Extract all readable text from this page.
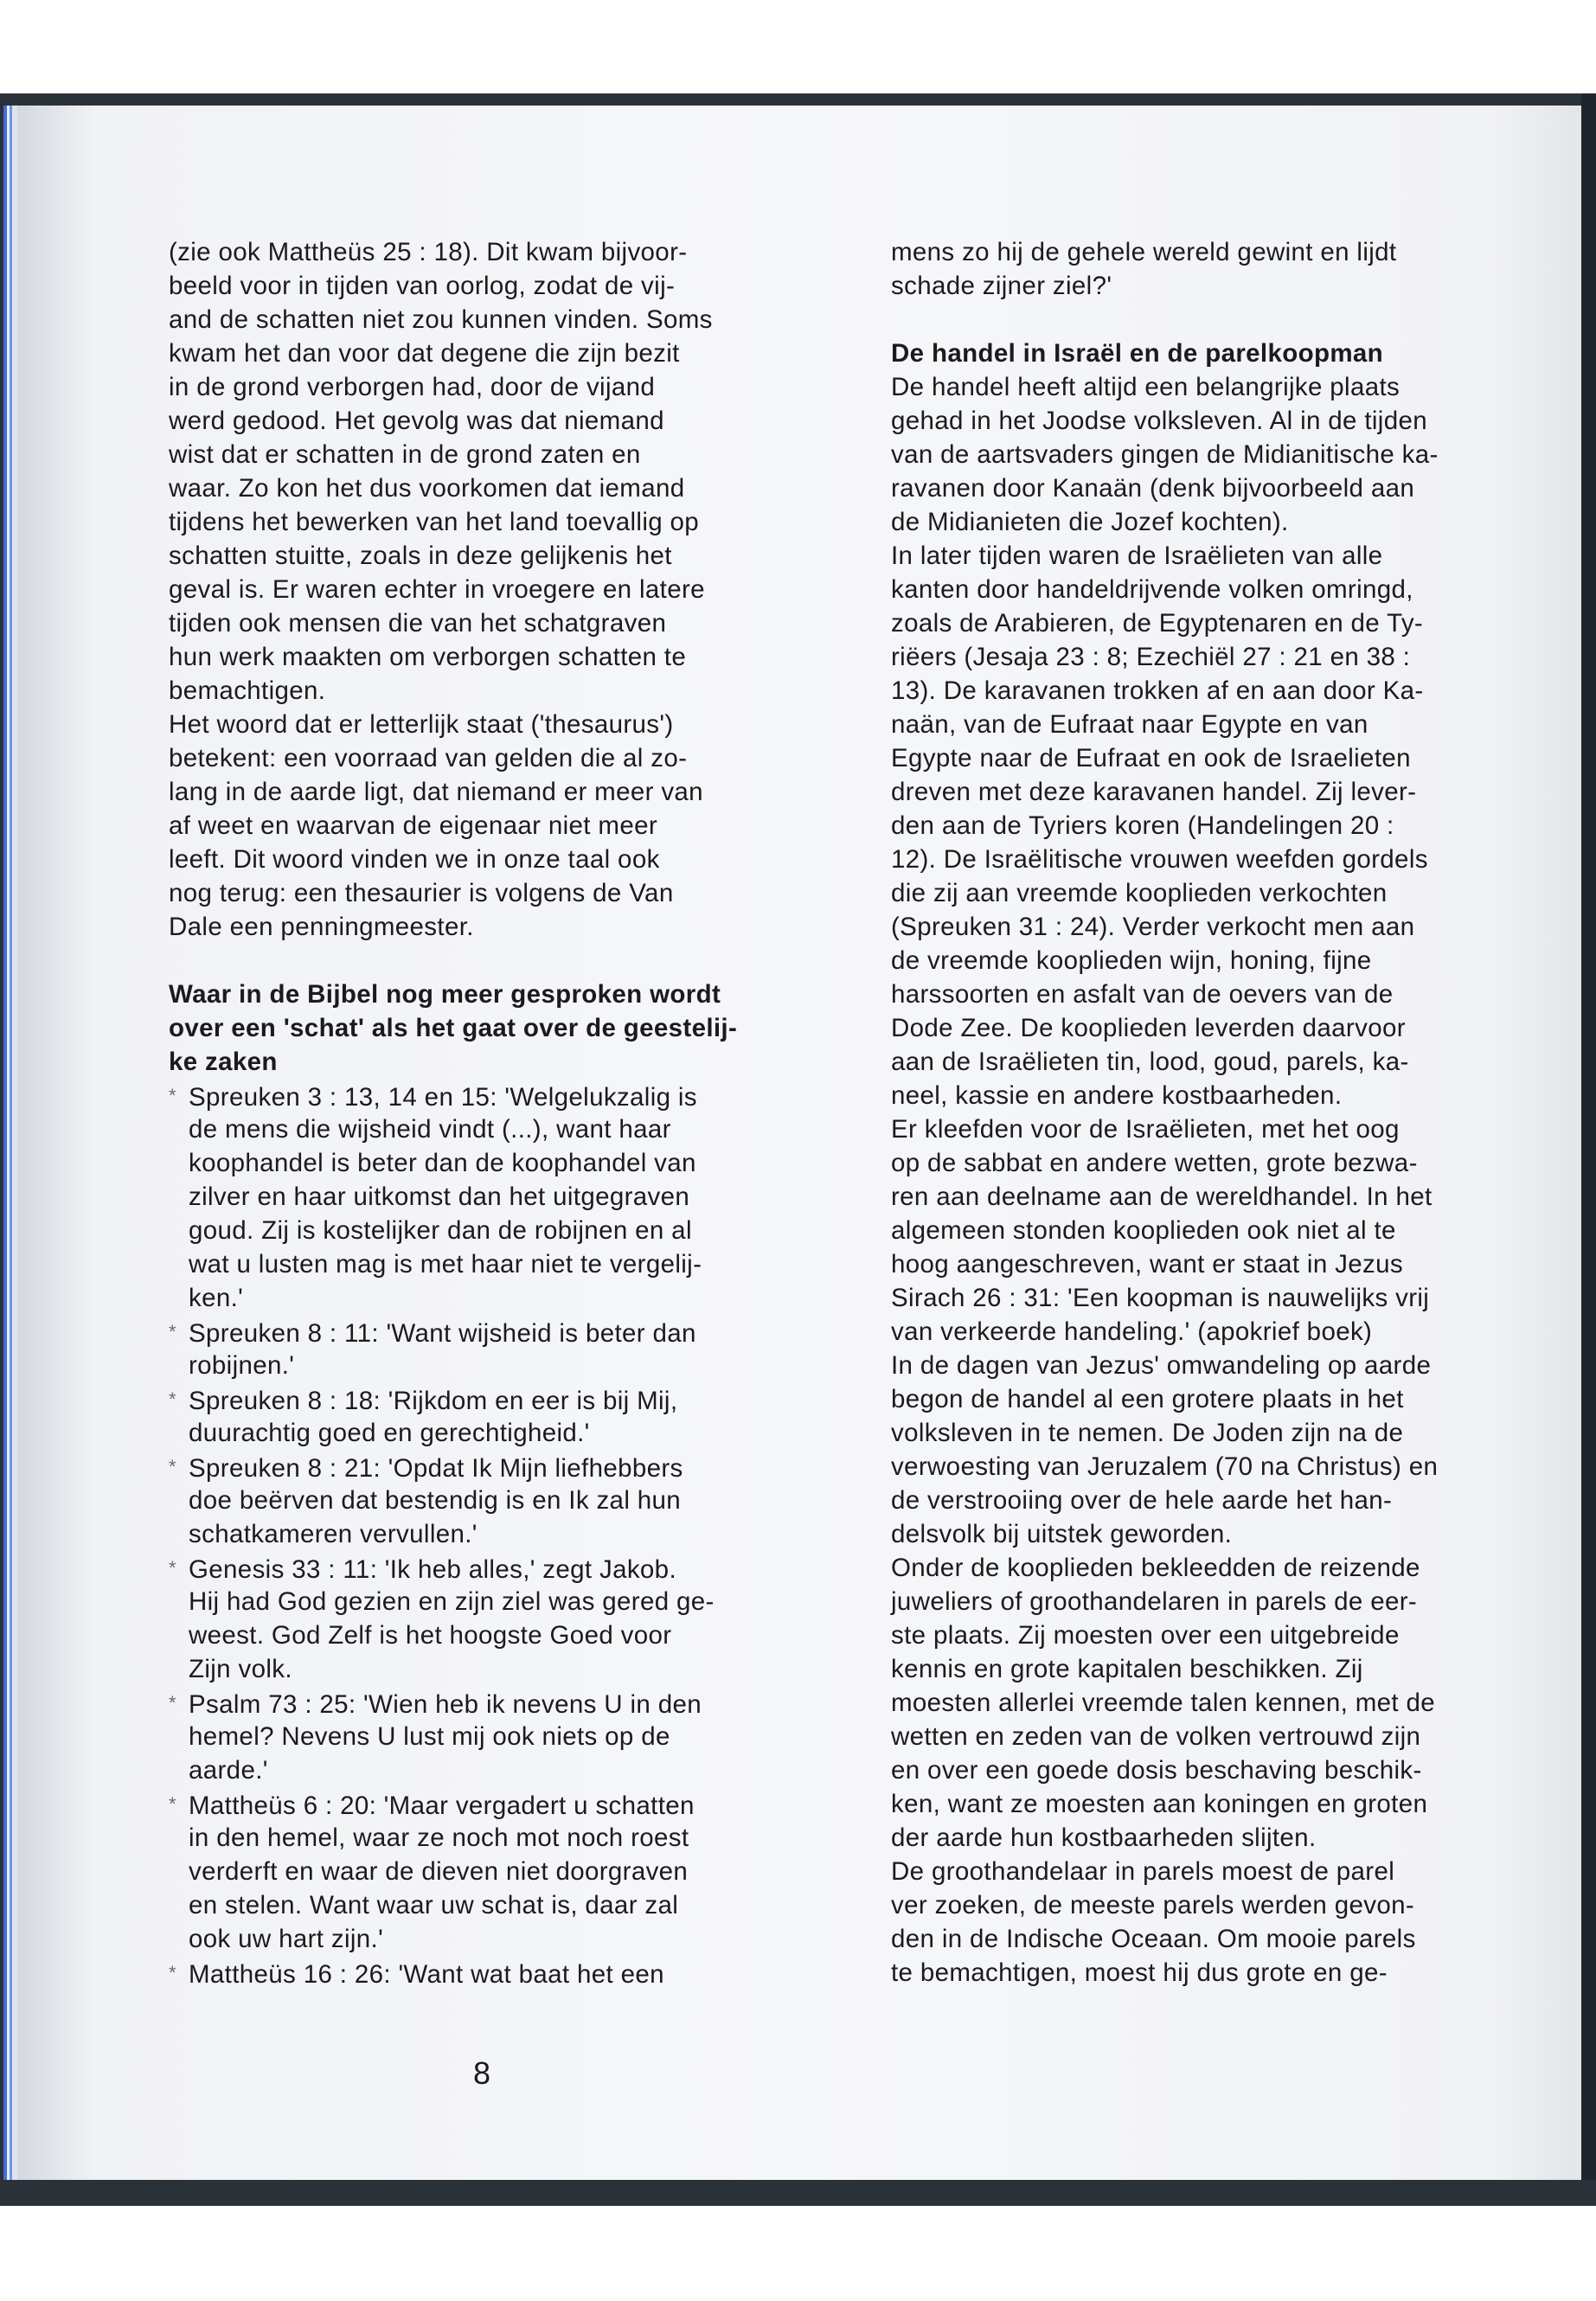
(zie ook Mattheüs 25 : 18). Dit kwam bijvoor-
beeld voor in tijden van oorlog, zodat de vij-
and de schatten niet zou kunnen vinden. Soms
kwam het dan voor dat degene die zijn bezit
in de grond verborgen had, door de vijand
werd gedood. Het gevolg was dat niemand
wist dat er schatten in de grond zaten en
waar. Zo kon het dus voorkomen dat iemand
tijdens het bewerken van het land toevallig op
schatten stuitte, zoals in deze gelijkenis het
geval is. Er waren echter in vroegere en latere
tijden ook mensen die van het schatgraven
hun werk maakten om verborgen schatten te
bemachtigen.
Het woord dat er letterlijk staat ('thesaurus')
betekent: een voorraad van gelden die al zo-
lang in de aarde ligt, dat niemand er meer van
af weet en waarvan de eigenaar niet meer
leeft. Dit woord vinden we in onze taal ook
nog terug: een thesaurier is volgens de Van
Dale een penningmeester.
Waar in de Bijbel nog meer gesproken wordt
over een 'schat' als het gaat over de geestelij-
ke zaken
* Spreuken 3 : 13, 14 en 15: 'Welgelukzalig is
de mens die wijsheid vindt (...), want haar
koophandel is beter dan de koophandel van
zilver en haar uitkomst dan het uitgegraven
goud. Zij is kostelijker dan de robijnen en al
wat u lusten mag is met haar niet te vergelij-
ken.'
* Spreuken 8 : 11: 'Want wijsheid is beter dan
robijnen.'
* Spreuken 8 : 18: 'Rijkdom en eer is bij Mij,
duurachtig goed en gerechtigheid.'
* Spreuken 8 : 21: 'Opdat Ik Mijn liefhebbers
doe beërven dat bestendig is en Ik zal hun
schatkameren vervullen.'
* Genesis 33 : 11: 'Ik heb alles,' zegt Jakob.
Hij had God gezien en zijn ziel was gered ge-
weest. God Zelf is het hoogste Goed voor
Zijn volk.
* Psalm 73 : 25: 'Wien heb ik nevens U in den
hemel? Nevens U lust mij ook niets op de
aarde.'
* Mattheüs 6 : 20: 'Maar vergadert u schatten
in den hemel, waar ze noch mot noch roest
verderft en waar de dieven niet doorgraven
en stelen. Want waar uw schat is, daar zal
ook uw hart zijn.'
* Mattheüs 16 : 26: 'Want wat baat het een
mens zo hij de gehele wereld gewint en lijdt
schade zijner ziel?'
De handel in Israël en de parelkoopman
De handel heeft altijd een belangrijke plaats
gehad in het Joodse volksleven. Al in de tijden
van de aartsvaders gingen de Midianitische ka-
ravanen door Kanaän (denk bijvoorbeeld aan
de Midianieten die Jozef kochten).
In later tijden waren de Israëlieten van alle
kanten door handeldrijvende volken omringd,
zoals de Arabieren, de Egyptenaren en de Ty-
riëers (Jesaja 23 : 8; Ezechiël 27 : 21 en 38 :
13). De karavanen trokken af en aan door Ka-
naän, van de Eufraat naar Egypte en van
Egypte naar de Eufraat en ook de Israelieten
dreven met deze karavanen handel. Zij lever-
den aan de Tyriers koren (Handelingen 20 :
12). De Israëlitische vrouwen weefden gordels
die zij aan vreemde kooplieden verkochten
(Spreuken 31 : 24). Verder verkocht men aan
de vreemde kooplieden wijn, honing, fijne
harssoorten en asfalt van de oevers van de
Dode Zee. De kooplieden leverden daarvoor
aan de Israëlieten tin, lood, goud, parels, ka-
neel, kassie en andere kostbaarheden.
Er kleefden voor de Israëlieten, met het oog
op de sabbat en andere wetten, grote bezwa-
ren aan deelname aan de wereldhandel. In het
algemeen stonden kooplieden ook niet al te
hoog aangeschreven, want er staat in Jezus
Sirach 26 : 31: 'Een koopman is nauwelijks vrij
van verkeerde handeling.' (apokrief boek)
In de dagen van Jezus' omwandeling op aarde
begon de handel al een grotere plaats in het
volksleven in te nemen. De Joden zijn na de
verwoesting van Jeruzalem (70 na Christus) en
de verstrooiing over de hele aarde het han-
delsvolk bij uitstek geworden.
Onder de kooplieden bekleedden de reizende
juweliers of groothandelaren in parels de eer-
ste plaats. Zij moesten over een uitgebreide
kennis en grote kapitalen beschikken. Zij
moesten allerlei vreemde talen kennen, met de
wetten en zeden van de volken vertrouwd zijn
en over een goede dosis beschaving beschik-
ken, want ze moesten aan koningen en groten
der aarde hun kostbaarheden slijten.
De groothandelaar in parels moest de parel
ver zoeken, de meeste parels werden gevon-
den in de Indische Oceaan. Om mooie parels
te bemachtigen, moest hij dus grote en ge-
8
